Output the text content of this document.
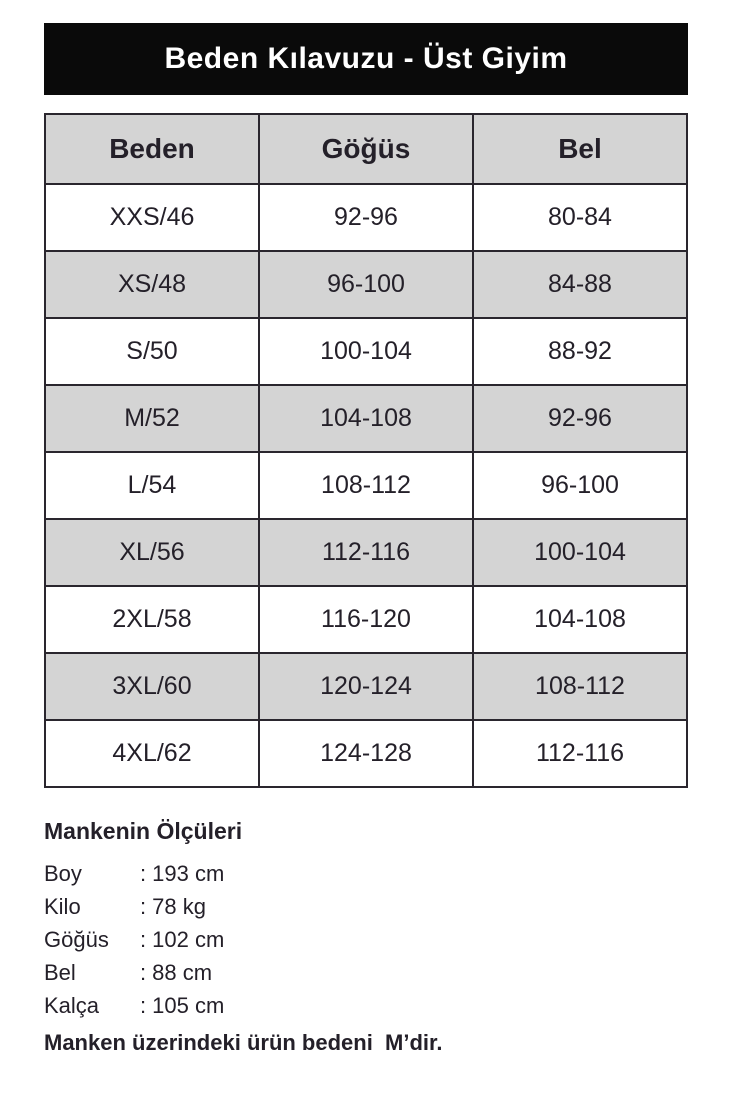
Beden Kılavuzu - Üst Giyim
Beden	Göğüs	Bel
XXS/46	92-96	80-84
XS/48	96-100	84-88
S/50	100-104	88-92
M/52	104-108	92-96
L/54	108-112	96-100
XL/56	112-116	100-104
2XL/58	116-120	104-108
3XL/60	120-124	108-112
4XL/62	124-128	112-116
Mankenin Ölçüleri
Boy	: 193 cm
Kilo	: 78 kg
Göğüs : 102 cm
Bel	: 88 cm
Kalça : 105 cm

Manken üzerindeki ürün bedeni  M’dir.
